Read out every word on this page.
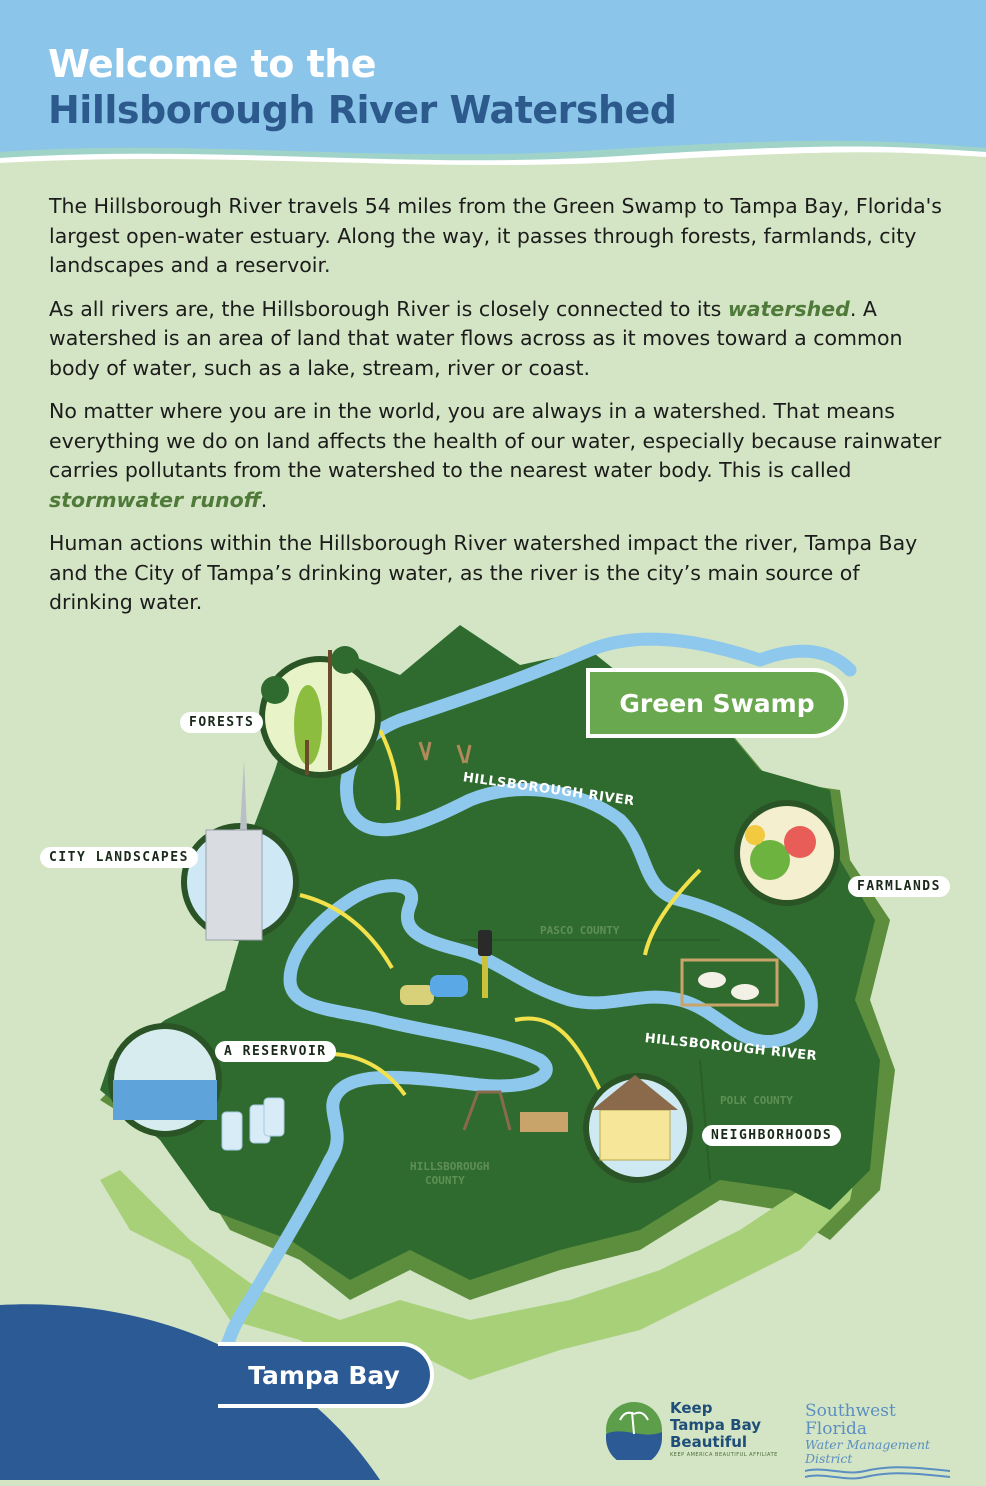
Welcome to the
Hillsborough River Watershed

The Hillsborough River travels 54 miles from the Green Swamp to Tampa Bay, Florida's largest open-water estuary. Along the way, it passes through forests, farmlands, city landscapes and a reservoir.

As all rivers are, the Hillsborough River is closely connected to its watershed. A watershed is an area of land that water flows across as it moves toward a common body of water, such as a lake, stream, river or coast.

No matter where you are in the world, you are always in a watershed. That means everything we do on land affects the health of our water, especially because rainwater carries pollutants from the watershed to the nearest water body. This is called stormwater runoff.

Human actions within the Hillsborough River watershed impact the river, Tampa Bay and the City of Tampa’s drinking water, as the river is the city’s main source of drinking water.

HILLSBOROUGH RIVER
HILLSBOROUGH RIVER
PASCO COUNTY
POLK COUNTY
HILLSBOROUGH
COUNTY
FORESTS
CITY LANDSCAPES
FARMLANDS
A RESERVOIR
NEIGHBORHOODS
Green Swamp
Tampa Bay
Keep
Tampa Bay
Beautiful
KEEP AMERICA BEAUTIFUL AFFILIATE
Southwest Florida
Water Management District
